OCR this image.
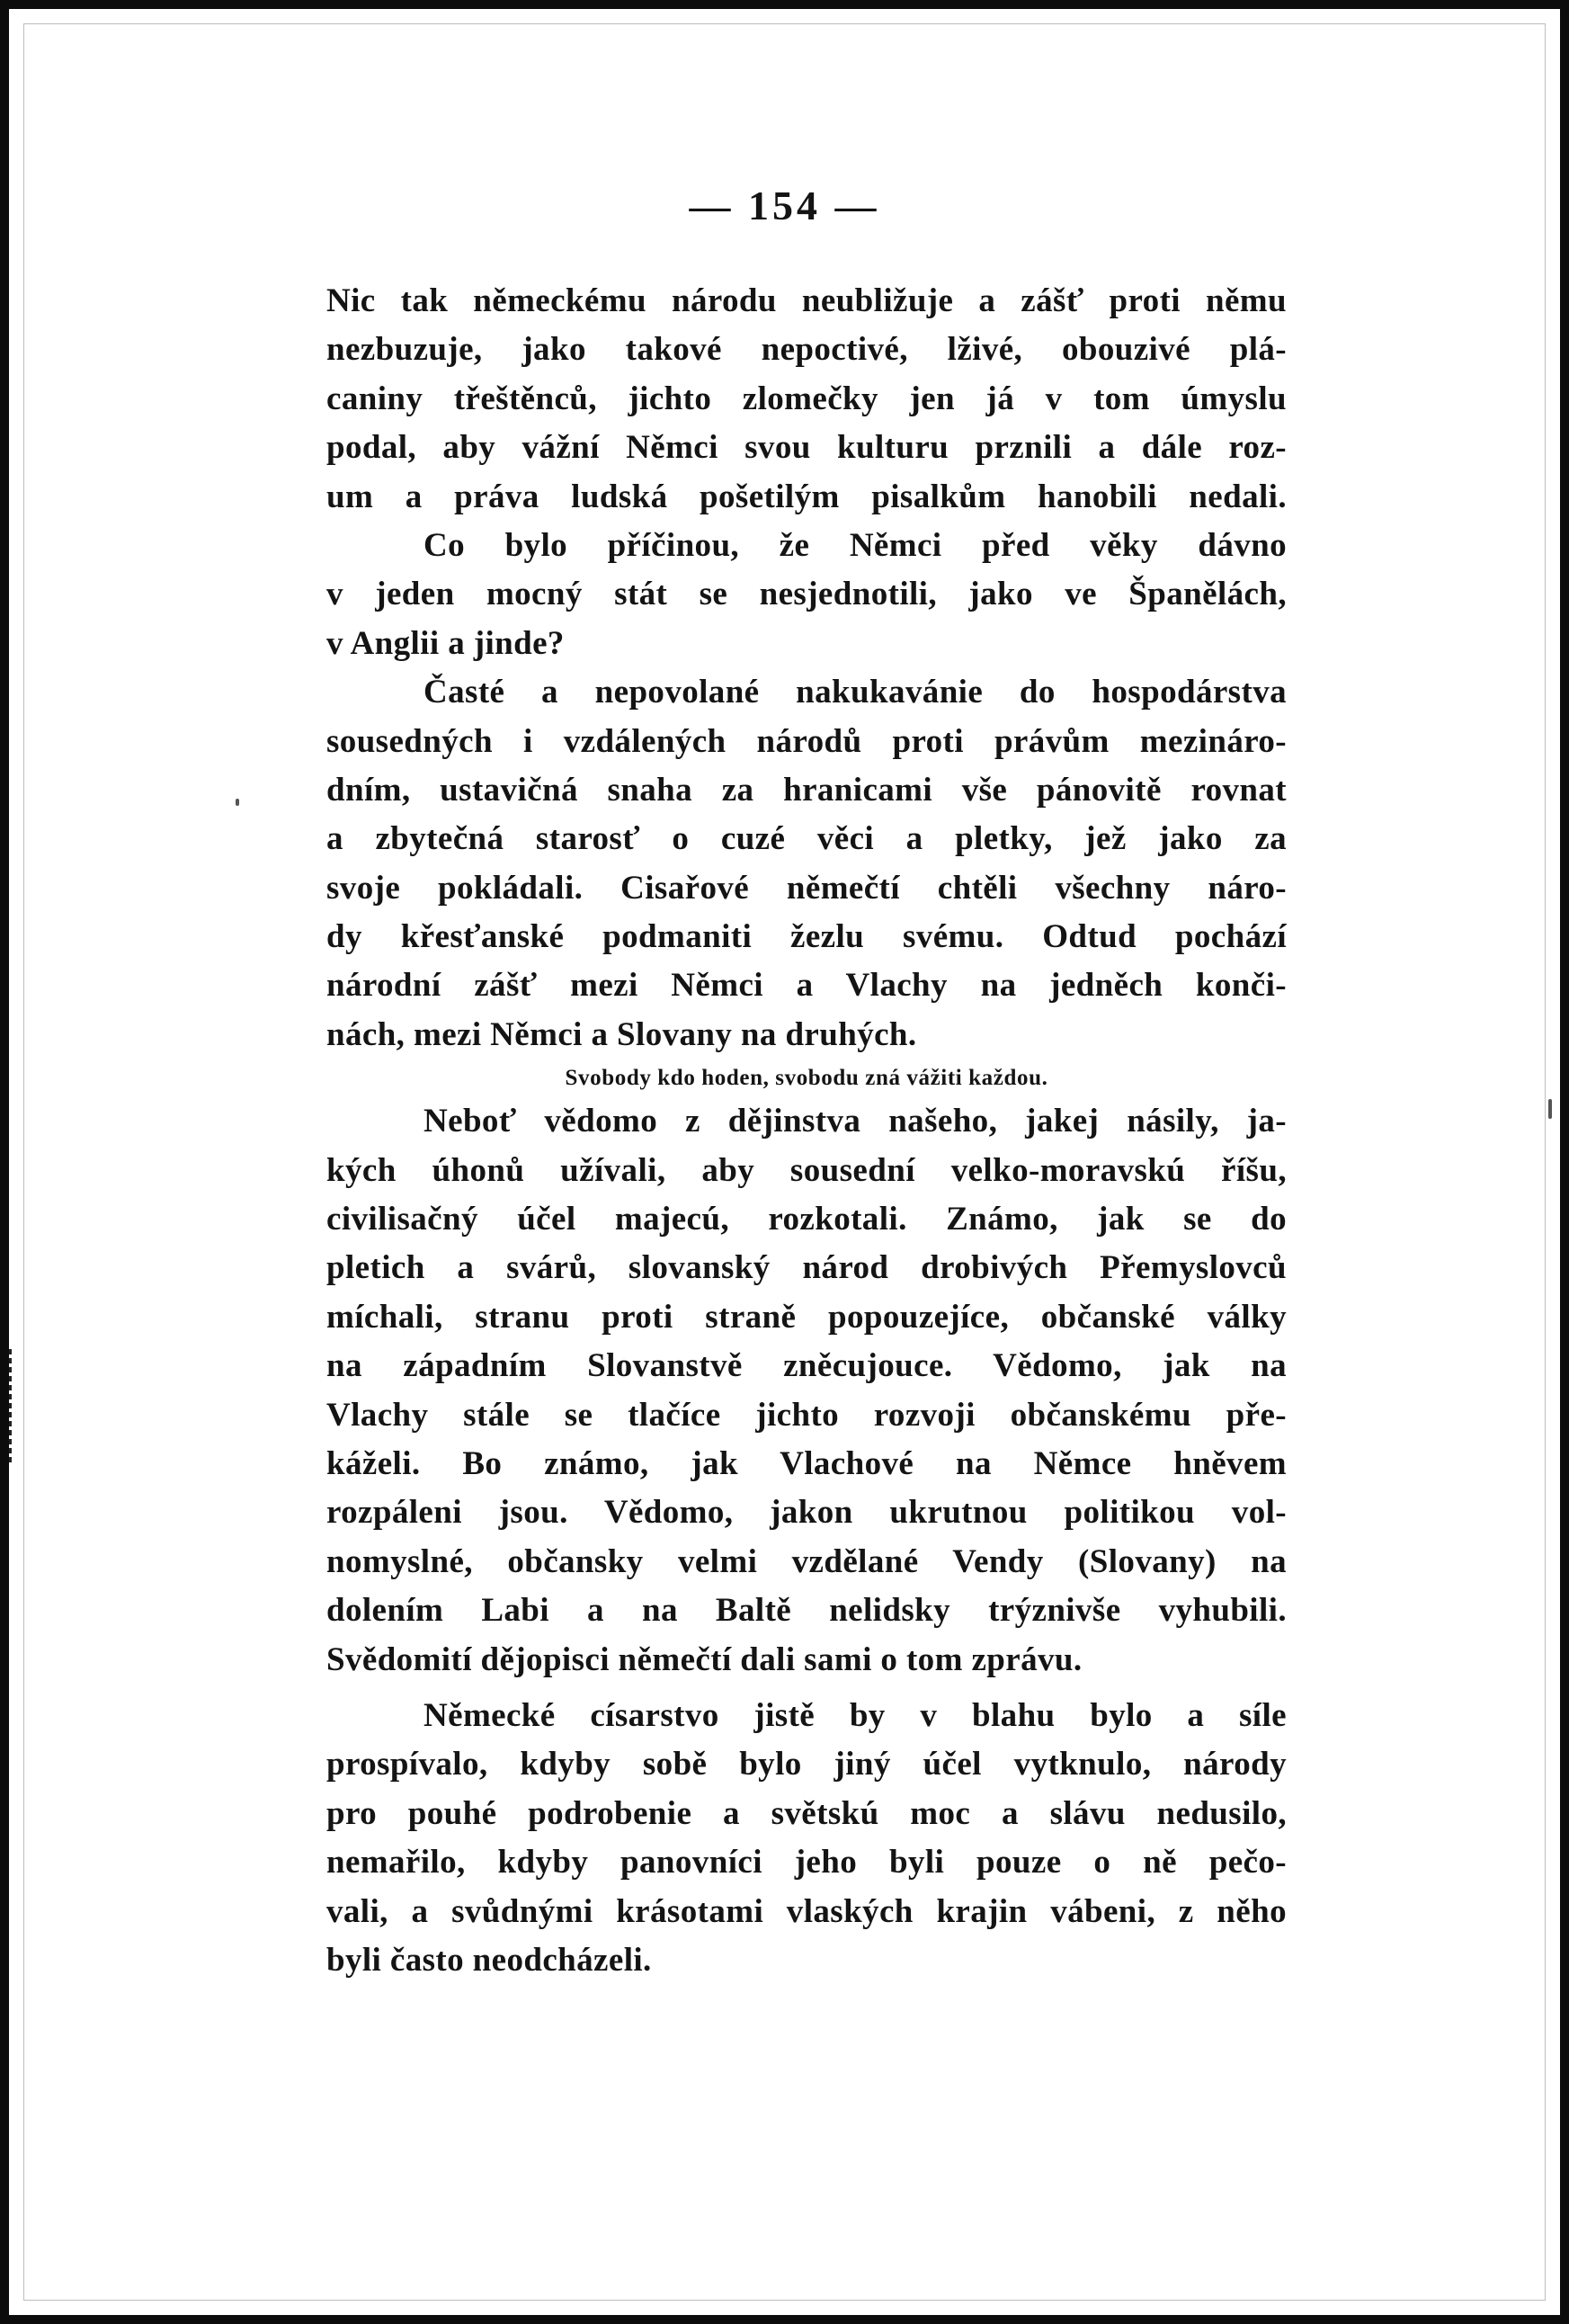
— 154 —
Nic tak německému národu neubližuje a zášť proti němu
nezbuzuje, jako takové nepoctivé, lživé, obouzivé plá-
caniny třeštěnců, jichto zlomečky jen já v tom úmyslu
podal, aby vážní Němci svou kulturu prznili a dále roz-
um a práva ludská pošetilým pisalkům hanobili nedali.
Co bylo příčinou, že Němci před věky dávno
v jeden mocný stát se nesjednotili, jako ve Španělách,
v Anglii a jinde?
Časté a nepovolané nakukavánie do hospodárstva
sousedných i vzdálených národů proti právům mezináro-
dním, ustavičná snaha za hranicami vše pánovitě rovnat
a zbytečná starosť o cuzé věci a pletky, jež jako za
svoje pokládali. Cisařové němečtí chtěli všechny náro-
dy křesťanské podmaniti žezlu svému. Odtud pochází
národní zášť mezi Němci a Vlachy na jedněch konči-
nách, mezi Němci a Slovany na druhých.
Svobody kdo hoden, svobodu zná vážiti každou.
Neboť vědomo z dějinstva našeho, jakej násily, ja-
kých úhonů užívali, aby sousední velko-moravskú říšu,
civilisačný účel majecú, rozkotali. Známo, jak se do
pletich a svárů, slovanský národ drobivých Přemyslovců
míchali, stranu proti straně popouzejíce, občanské války
na západním Slovanstvě zněcujouce. Vědomo, jak na
Vlachy stále se tlačíce jichto rozvoji občanskému pře-
káželi. Bo známo, jak Vlachové na Němce hněvem
rozpáleni jsou. Vědomo, jakon ukrutnou politikou vol-
nomyslné, občansky velmi vzdělané Vendy (Slovany) na
dolením Labi a na Baltě nelidsky trýznivše vyhubili.
Svědomití dějopisci němečtí dali sami o tom zprávu.
Německé císarstvo jistě by v blahu bylo a síle
prospívalo, kdyby sobě bylo jiný účel vytknulo, národy
pro pouhé podrobenie a světskú moc a slávu nedusilo,
nemařilo, kdyby panovníci jeho byli pouze o ně pečo-
vali, a svůdnými krásotami vlaských krajin vábeni, z něho
byli často neodcházeli.
